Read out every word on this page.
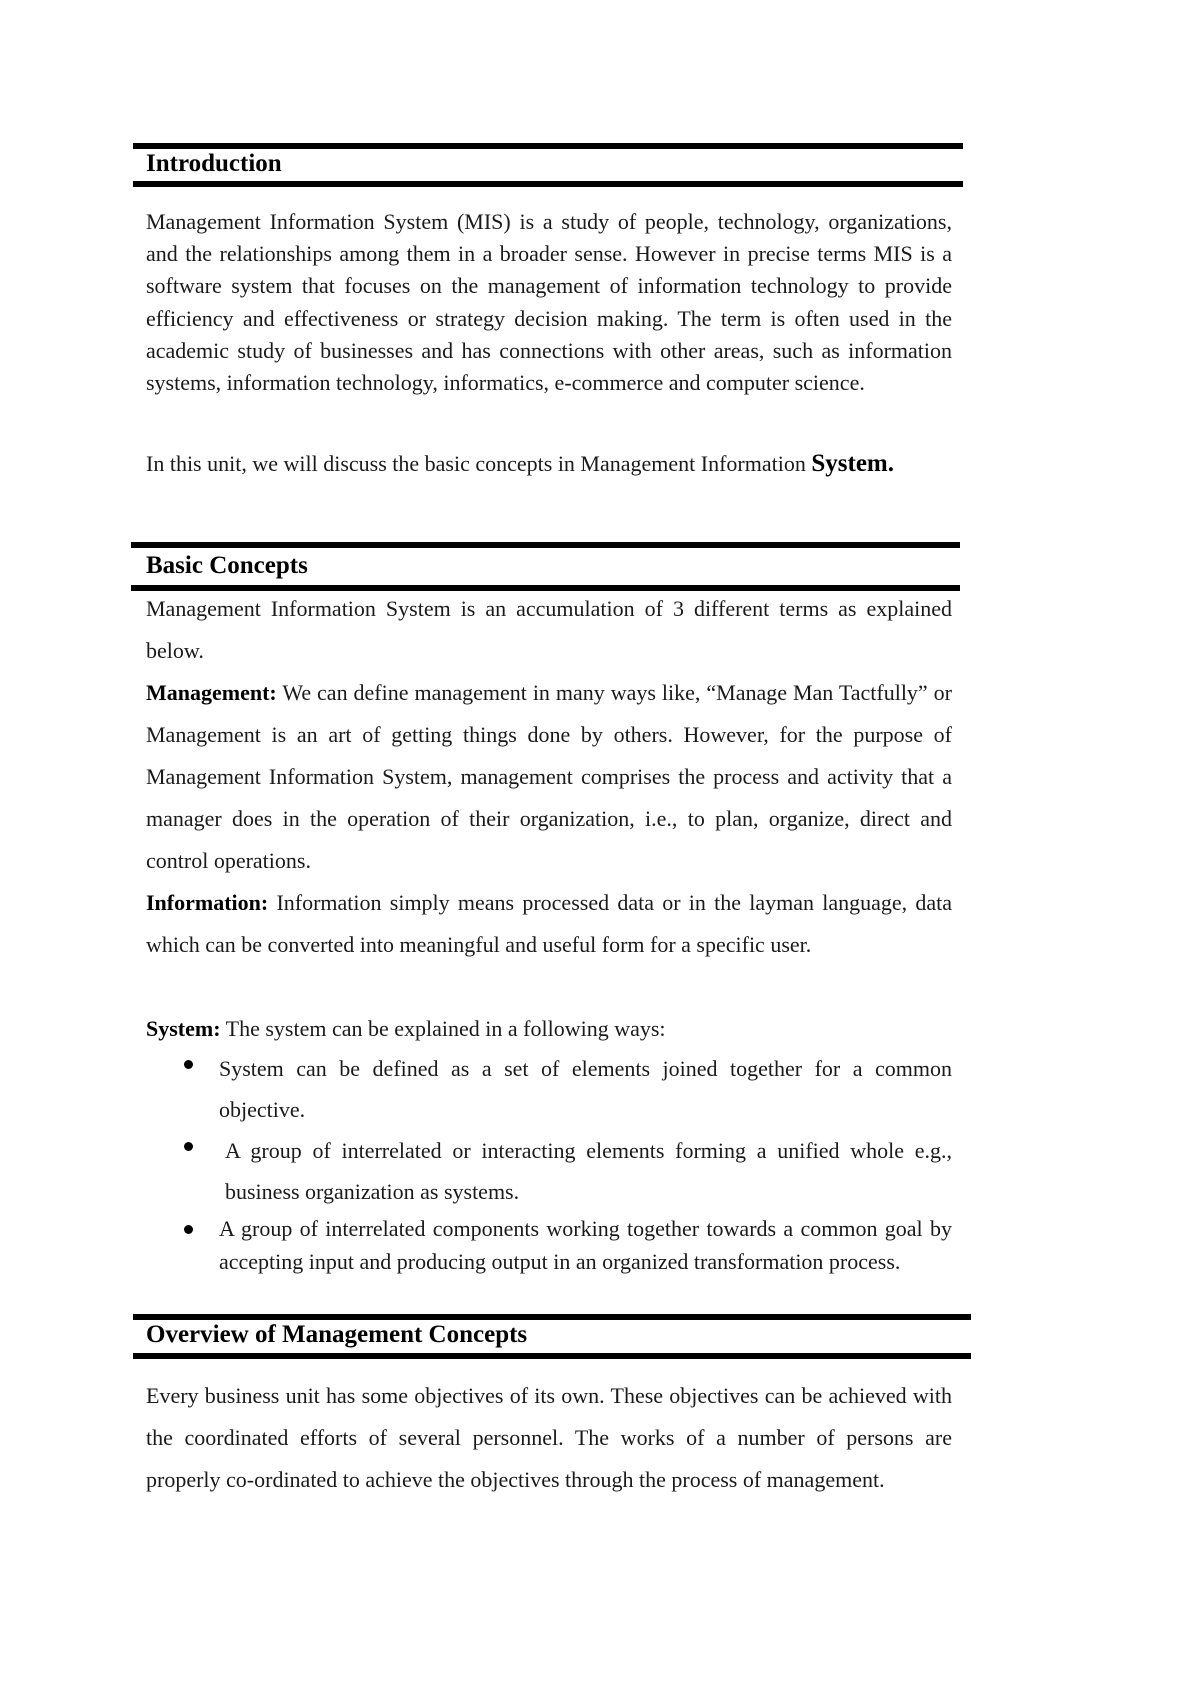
Introduction
Management Information System (MIS) is a study of people, technology, organizations, and the relationships among them in a broader sense. However in precise terms MIS is a software system that focuses on the management of information technology to provide efficiency and effectiveness or strategy decision making. The term is often used in the academic study of businesses and has connections with other areas, such as information systems, information technology, informatics, e-commerce and computer science.
In this unit, we will discuss the basic concepts in Management Information System.
Basic Concepts
Management Information System is an accumulation of 3 different terms as explained below.
Management: We can define management in many ways like, “Manage Man Tactfully” or Management is an art of getting things done by others. However, for the purpose of Management Information System, management comprises the process and activity that a manager does in the operation of their organization, i.e., to plan, organize, direct and control operations.
Information: Information simply means processed data or in the layman language, data which can be converted into meaningful and useful form for a specific user.
System: The system can be explained in a following ways:
System can be defined as a set of elements joined together for a common objective.
A group of interrelated or interacting elements forming a unified whole e.g., business organization as systems.
A group of interrelated components working together towards a common goal by accepting input and producing output in an organized transformation process.
Overview of Management Concepts
Every business unit has some objectives of its own. These objectives can be achieved with the coordinated efforts of several personnel. The works of a number of persons are properly co-ordinated to achieve the objectives through the process of management.
